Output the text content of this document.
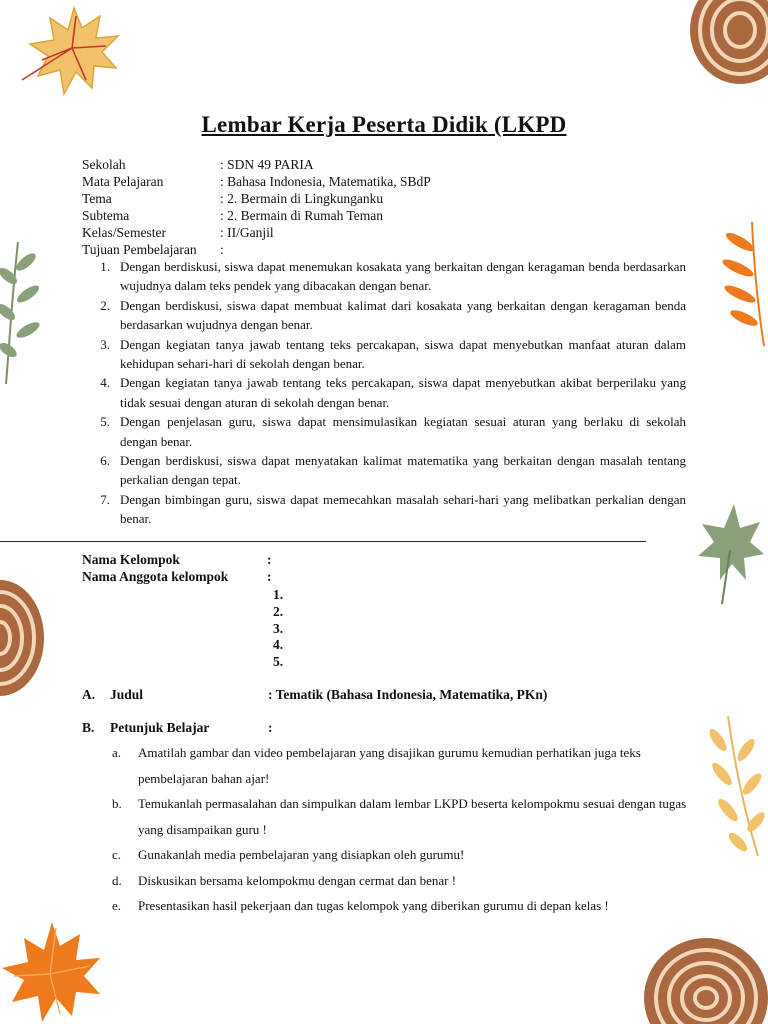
Lembar Kerja Peserta Didik (LKPD
Sekolah	: SDN 49 PARIA
Mata Pelajaran	: Bahasa Indonesia, Matematika, SBdP
Tema	: 2. Bermain di Lingkunganku
Subtema	: 2. Bermain di Rumah Teman
Kelas/Semester	: II/Ganjil
Tujuan Pembelajaran	:
1. Dengan berdiskusi, siswa dapat menemukan kosakata yang berkaitan dengan keragaman benda berdasarkan wujudnya dalam teks pendek yang dibacakan dengan benar.
2. Dengan berdiskusi, siswa dapat membuat kalimat dari kosakata yang berkaitan dengan keragaman benda berdasarkan wujudnya dengan benar.
3. Dengan kegiatan tanya jawab tentang teks percakapan, siswa dapat menyebutkan manfaat aturan dalam kehidupan sehari-hari di sekolah dengan benar.
4. Dengan kegiatan tanya jawab tentang teks percakapan, siswa dapat menyebutkan akibat berperilaku yang tidak sesuai dengan aturan di sekolah dengan benar.
5. Dengan penjelasan guru, siswa dapat mensimulasikan kegiatan sesuai aturan yang berlaku di sekolah dengan benar.
6. Dengan berdiskusi, siswa dapat menyatakan kalimat matematika yang berkaitan dengan masalah tentang perkalian dengan tepat.
7. Dengan bimbingan guru, siswa dapat memecahkan masalah sehari-hari yang melibatkan perkalian dengan benar.
Nama Kelompok	:
Nama Anggota kelompok	:
1.
2.
3.
4.
5.
A.	Judul	: Tematik (Bahasa Indonesia, Matematika, PKn)
B.	Petunjuk Belajar	:
a.	Amatilah gambar dan video pembelajaran yang disajikan gurumu kemudian perhatikan juga teks pembelajaran bahan ajar!
b.	Temukanlah permasalahan dan simpulkan dalam lembar LKPD beserta kelompokmu sesuai dengan tugas yang disampaikan guru !
c.	Gunakanlah media pembelajaran yang disiapkan oleh gurumu!
d.	Diskusikan bersama kelompokmu dengan cermat dan benar !
e.	Presentasikan hasil pekerjaan dan tugas kelompok yang diberikan gurumu di depan kelas !
